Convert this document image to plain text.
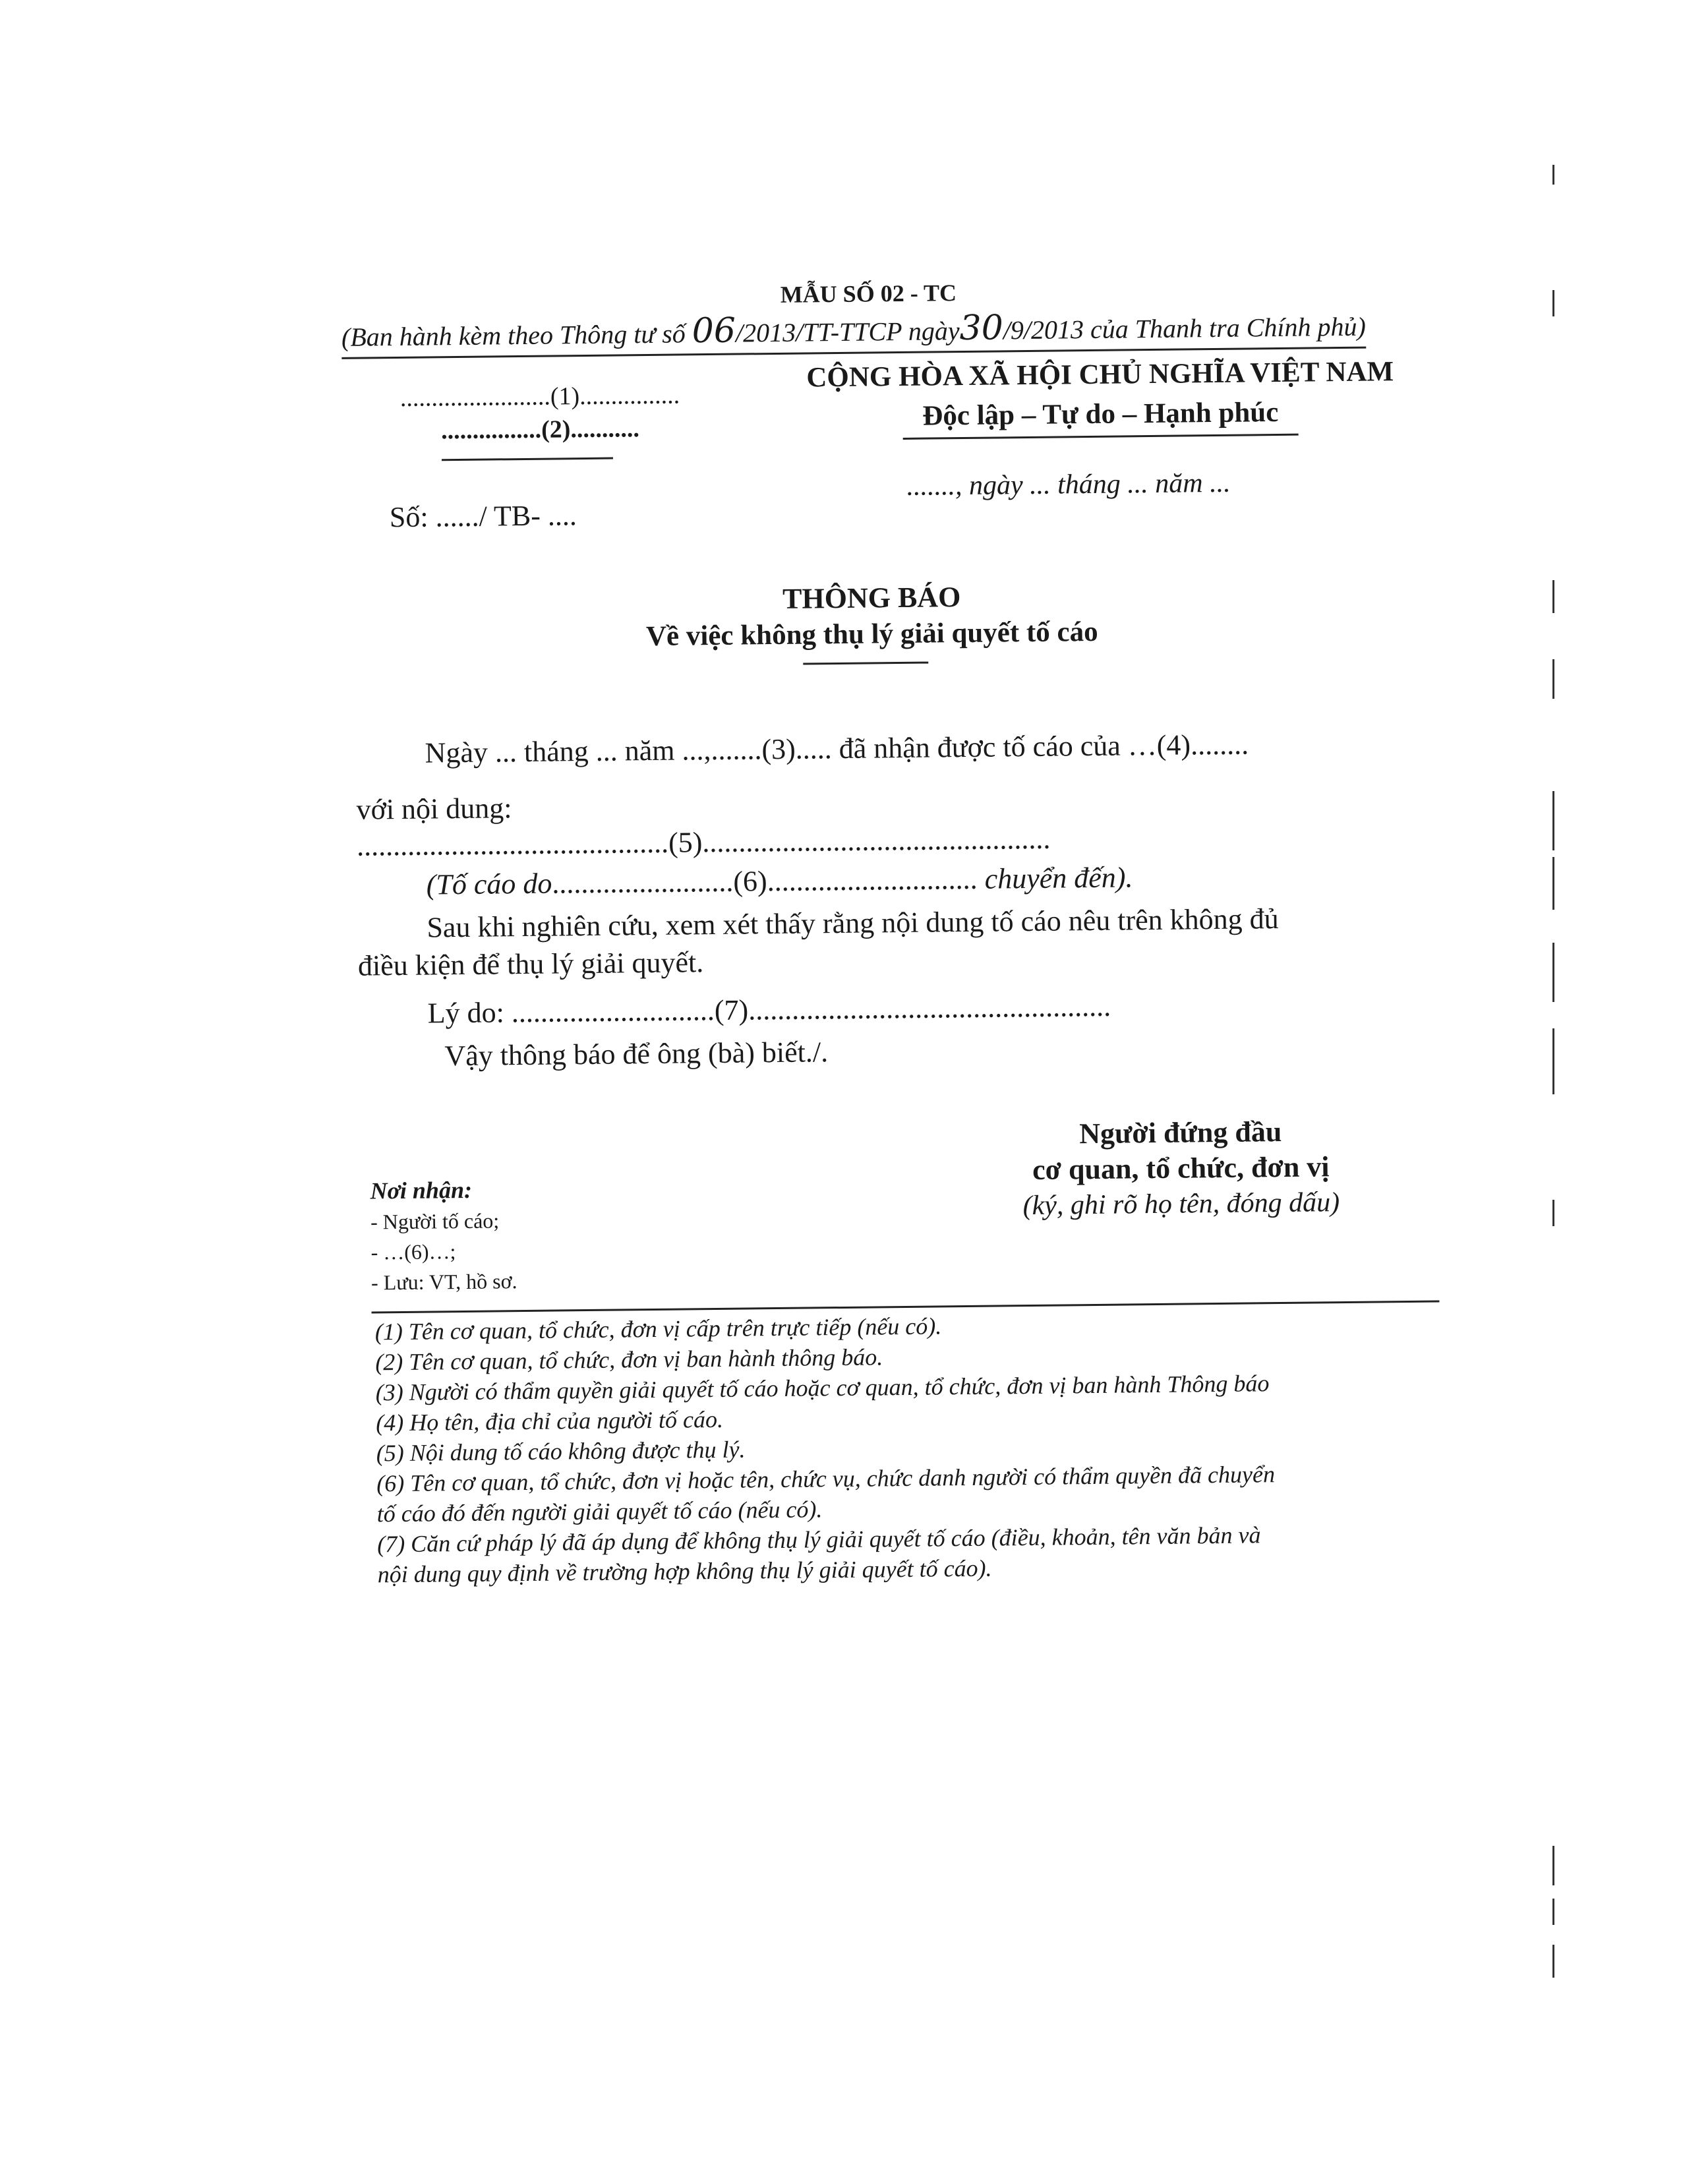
MẪU SỐ 02 - TC
(Ban hành kèm theo Thông tư số 06/2013/TT-TTCP ngày30/9/2013 của Thanh tra Chính phủ)
........................(1)................
................(2)...........
CỘNG HÒA XÃ HỘI CHỦ NGHĨA VIỆT NAM
Độc lập – Tự do – Hạnh phúc
Số: ....../ TB- ....
......., ngày ... tháng ... năm ...
THÔNG BÁO
Về việc không thụ lý giải quyết tố cáo
Ngày ... tháng ... năm ...,.......(3)..... đã nhận được tố cáo của …(4)........
với nội dung:
...........................................(5)................................................
(Tố cáo do.........................(6)............................. chuyển đến).
Sau khi nghiên cứu, xem xét thấy rằng nội dung tố cáo nêu trên không đủ
điều kiện để thụ lý giải quyết.
Lý do: ............................(7)..................................................
Vậy thông báo để ông (bà) biết./.
Người đứng đầu
cơ quan, tổ chức, đơn vị
(ký, ghi rõ họ tên, đóng dấu)
Nơi nhận:
- Người tố cáo;
- …(6)…;
- Lưu: VT, hồ sơ.
(1) Tên cơ quan, tổ chức, đơn vị cấp trên trực tiếp (nếu có).
(2) Tên cơ quan, tổ chức, đơn vị ban hành thông báo.
(3) Người có thẩm quyền giải quyết tố cáo hoặc cơ quan, tổ chức, đơn vị ban hành Thông báo
(4) Họ tên, địa chỉ của người tố cáo.
(5) Nội dung tố cáo không được thụ lý.
(6) Tên cơ quan, tổ chức, đơn vị hoặc tên, chức vụ, chức danh người có thẩm quyền đã chuyển
tố cáo đó đến người giải quyết tố cáo (nếu có).
(7) Căn cứ pháp lý đã áp dụng để không thụ lý giải quyết tố cáo (điều, khoản, tên văn bản và
nội dung quy định về trường hợp không thụ lý giải quyết tố cáo).
